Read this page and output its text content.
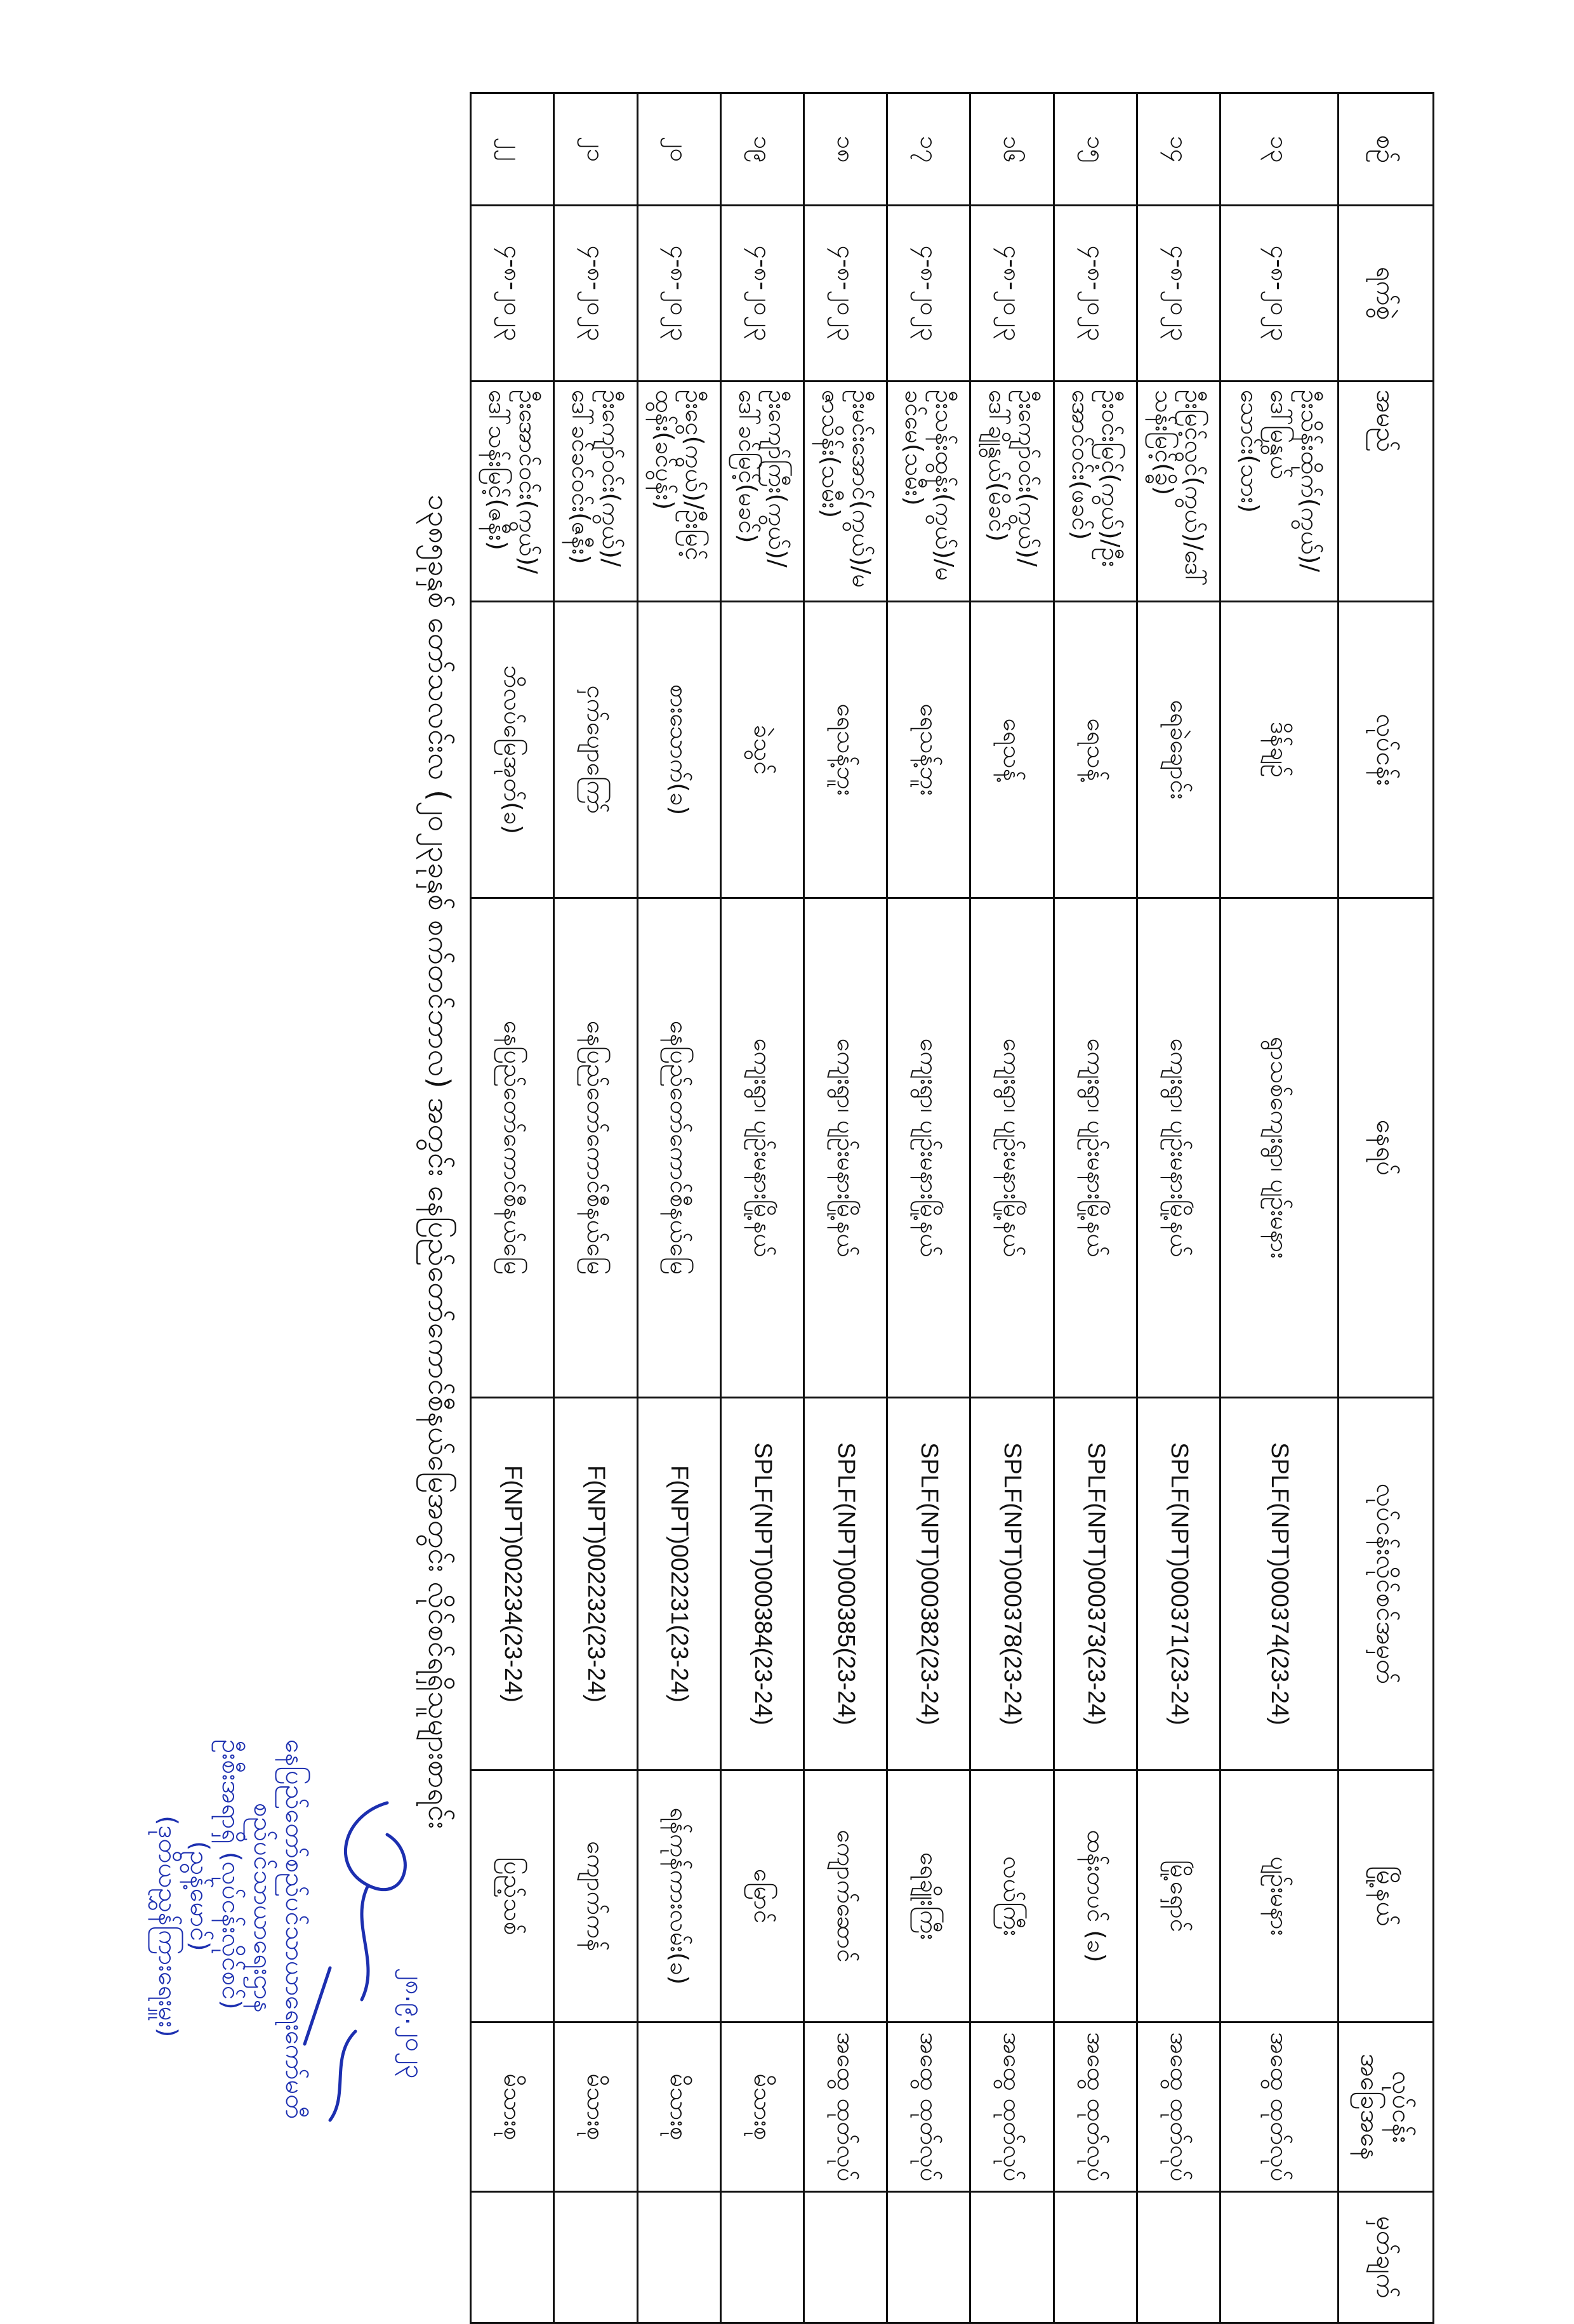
စဉ်	ရက်စွဲ	အမည်	လုပ်ငန်း	နေရပ်	လုပ်ငန်းလိုင်စင်အမှတ်	မြို့နယ်	လုပ်ငန်းအခြေအနေ	မှတ်ချက်
၁၃	၄-၈-၂၀၂၃	ဦးသိန်းထိုက်(ကွယ်)/ဒေါ်မြနွယ်သောင်း(သား)	ဒိန်ချဉ်	ရွာသစ်ကျေးရွာ၊ ပျဉ်းမနား	SPLF(NPT)000374(23-24)	ပျဉ်းမနား	အထွေ ထုတ်လုပ်	
၁၄	၄-၈-၂၀၂၃	ဦးမြင့်လွင်(ကွယ်)/ဒေါ်သန်းမြင့်(ခ္ဓိ)	ရေခဲချောင်း	ကျေးရွာ၊ ပျဉ်းမနားမြို့နယ်	SPLF(NPT)000371(23-24)	မြို့ရှောင်	အထွေ ထုတ်လုပ်	
၁၅	၄-၈-၂၀၂၃	ဦးဝင်းမြင့်(ကွယ်)/ဦးအောင်ဝင်း(ဖခင်)	ရေသန့်	ကျေးရွာ၊ ပျဉ်းမနားမြို့နယ်	SPLF(NPT)000373(23-24)	ထန်းတပင် (ခ)	အထွေ ထုတ်လုပ်	
၁၆	၄-၈-၂၀၂၃	ဦးကျော်ဝင်း(ကွယ်)/ဒေါ်ချိုနွယ်(မိခင်)	ရေသန့်	ကျေးရွာ၊ ပျဉ်းမနားမြို့နယ်	SPLF(NPT)000378(23-24)	လယ်ကြီး	အထွေ ထုတ်လုပ်	
၁၇	၄-၈-၂၀၂၃	ဦးသန်းထွန်း(ကွယ်)/မခင်မေ(သမီး)	ရေသန့်ဘူး	ကျေးရွာ၊ ပျဉ်းမနားမြို့နယ်	SPLF(NPT)000382(23-24)	ရေချိုးကြီး	အထွေ ထုတ်လုပ်	
၁၈	၄-၈-၂၀၂၃	ဦးမင်းအောင်(ကွယ်)/မဇာသိန်း(သမီး)	ရေသန့်ဘူး	ကျေးရွာ၊ ပျဉ်းမနားမြို့နယ်	SPLF(NPT)000385(23-24)	ကျောက်ဆောင်	အထွေ ထုတ်လုပ်	
၁၉	၄-၈-၂၀၂၃	ဦးကျော်ကြီး(ကွယ်)/ဒေါ်ခင်မြင့်(မခင်)	ခဲသွင်	ကျေးရွာ၊ ပျဉ်းမနားမြို့နယ်	SPLF(NPT)000384(23-24)	မြောင်	မိသားစု	
၂၀	၄-၈-၂၀၂၃	ဦးငွေ(ကွယ်)/ဦးမြင့်ထွန်း(ခင်ပွန်း)	စားသောက်(ခ)	နေပြည်တော်ကောင်စီနယ်မြေ	F(NPT)002231(23-24)	ရန်ကုန်ကားလမ်း(ခ)	မိသားစု	
၂၁	၄-၈-၂၀၂၃	ဦးကျော်ဝင်း(ကွယ်)/ဒေါ်ခင်ခင်ဝင်း(ဇနီး)	ငှက်ပျောကြော်	နေပြည်တော်ကောင်စီနယ်မြေ	F(NPT)002232(23-24)	ကျောက်ကန်	မိသားစု	
၂၂	၄-၈-၂၀၂၃	ဦးအောင်ဝင်း(ကွယ်)/ဒေါ်သန်းမြင့်(ဇနီး)	ဘိလပ်မြေအုတ်(ခ)	နေပြည်တော်ကောင်စီနယ်မြေ	F(NPT)002234(23-24)	ပြည့်သစ်	မိသားစု	
၁၃၈၅ခုနှစ် တော်သလင်းလ (၂၀၂၃ခုနှစ် စက်တင်ဘာလ) အတွင်း နေပြည်တော်ကောင်စီနယ်မြေအတွင်း လိုင်စင်ရရှိသူများစာရင်း
နေပြည်တော်စည်ပင်သာယာရေးကော်မတီ
စည်ပင်သာယာရေးဌာန
ဦးစီးအရာရှိ (လုပ်ငန်းလိုင်စင်)
(ညွန့်မောင်)
(ဒုတိယညွှန်ကြားရေးမှူး)	၂၈.၉.၂၀၂၃
